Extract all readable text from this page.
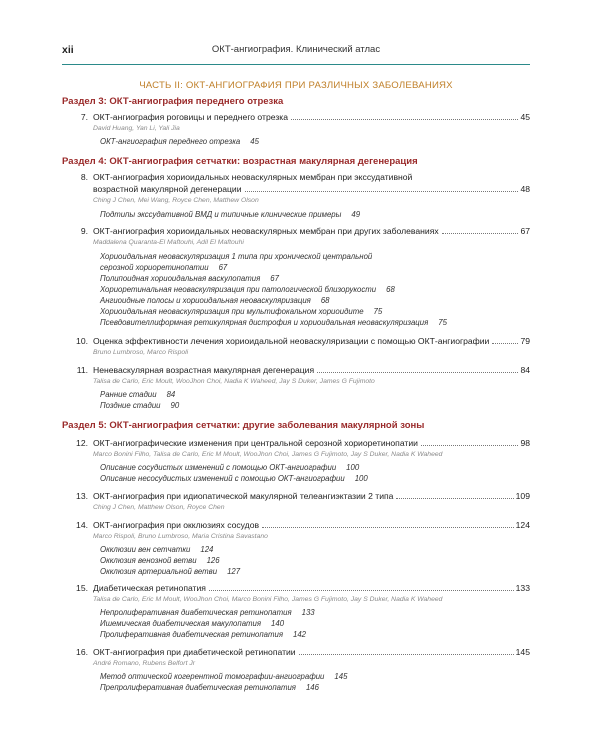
xii	ОКТ-ангиография. Клинический атлас
ЧАСТЬ II: ОКТ-АНГИОГРАФИЯ ПРИ РАЗЛИЧНЫХ ЗАБОЛЕВАНИЯХ
Раздел 3: ОКТ-ангиография переднего отрезка
7. ОКТ-ангиография роговицы и переднего отрезка	45
David Huang, Yan Li, Yali Jia
ОКТ-ангиография переднего отрезка 45
Раздел 4: ОКТ-ангиография сетчатки: возрастная макулярная дегенерация
8. ОКТ-ангиография хориоидальных неоваскулярных мембран при экссудативной
возрастной макулярной дегенерации	48
Ching J Chen, Mei Wang, Royce Chen, Matthew Olson
Подтипы экссудативной ВМД и типичные клинические примеры 49
9. ОКТ-ангиография хориоидальных неоваскулярных мембран при других заболеваниях	67
Maddalena Quaranta-El Maftouhi, Adil El Maftouhi
Хориоидальная неоваскуляризация 1 типа при хронической центральной
серозной хориоретинопатии 67
Полипоидная хориоидальная васкулопатия 67
Хориоретинальная неоваскуляризация при патологической близорукости 68
Ангиоидные полосы и хориоидальная неоваскуляризация 68
Хориоидальная неоваскуляризация при мультифокальном хориоидите 75
Псевдовителлиформная ретикулярная дистрофия и хориоидальная неоваскуляризация 75
10. Оценка эффективности лечения хориоидальной неоваскуляризации с помощью ОКТ-ангиографии	79
Bruno Lumbroso, Marco Rispoli
11. Неневаскулярная возрастная макулярная дегенерация	84
Talisa de Carlo, Eric Moult, WooJhon Choi, Nadia K Waheed, Jay S Duker, James G Fujimoto
Ранние стадии 84
Поздние стадии 90
Раздел 5: ОКТ-ангиография сетчатки: другие заболевания макулярной зоны
12. ОКТ-ангиографические изменения при центральной серозной хориоретинопатии	98
Marco Bonini Filho, Talisa de Carlo, Eric M Moult, WooJhon Choi, James G Fujimoto, Jay S Duker, Nadia K Waheed
Описание сосудистых изменений с помощью ОКТ-ангиографии 100
Описание несосудистых изменений с помощью ОКТ-ангиографии 100
13. ОКТ-ангиография при идиопатической макулярной телеангиэктазии 2 типа	109
Ching J Chen, Matthew Olson, Royce Chen
14. ОКТ-ангиография при окклюзиях сосудов	124
Marco Rispoli, Bruno Lumbroso, Maria Cristina Savastano
Окклюзии вен сетчатки 124
Окклюзия венозной ветви 126
Окклюзия артериальной ветви 127
15. Диабетическая ретинопатия	133
Talisa de Carlo, Eric M Moult, WooJhon Choi, Marco Bonini Filho, James G Fujimoto, Jay S Duker, Nadia K Waheed
Непролиферативная диабетическая ретинопатия 133
Ишемическая диабетическая макулопатия 140
Пролиферативная диабетическая ретинопатия 142
16. ОКТ-ангиография при диабетической ретинопатии	145
André Romano, Rubens Belfort Jr
Метод оптической когерентной томографии-ангиографии 145
Препролиферативная диабетическая ретинопатия 146
